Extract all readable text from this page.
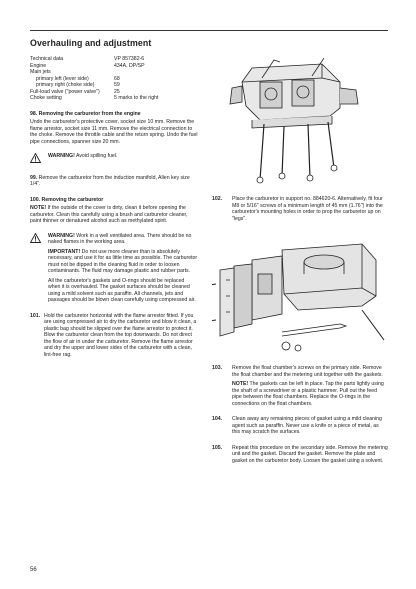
Overhauling and adjustment
Technical data	VP 857382-6
Engine	434A, DP/SP
Main jets
primary left (lever side)	68
primary right (choke side)	59
Full-load valve ("power valve")	25
Choke setting	5 marks to the right
98. Removing the carburetor from the engine
Undo the carburetor's protective cover, socket size 10 mm. Remove the flame arrestor, socket size 11 mm. Remove the electrical connection to the choke. Remove the throttle cable and the return spring. Undo the fuel pipe connections, spanner size 20 mm.
WARNING! Avoid spilling fuel.
99. Remove the carburetor from the induction manifold, Allen key size 1/4".
100. Removing the carburetor
NOTE! If the outside of the cover is dirty, clean it before opening the carburetor. Clean this carefully using a brush and carburetor cleaner, paint thinner or denatured alcohol such as methylated spirit.
WARNING! Work in a well ventilated area. There should be no naked flames in the working area.
IMPORTANT! Do not use more cleaner than is absolutely necessary, and use it for as little time as possible. The carburetor must not be dipped in the cleaning fluid in order to loosen contaminants. The fluid may damage plastic and rubber parts.
All the carburetor's gaskets and O-rings should be replaced when it is overhauled. The gasket surfaces should be cleaned using a mild solvent such as paraffin. All channels, jets and passages should be blown clean carefully using compressed air.
101. Hold the carburetor horizontal with the flame arrestor fitted. If you are using compressed air to dry the carburetor and blow it clean, a plastic bag should be slipped over the flame arrestor to protect it. Blow the carburetor clean from the top downwards. Do not direct the flow of air in under the carburetor. Remove the flame arrestor and dry the upper and lower sides of the carburetor with a clean, lint-free rag.
102.	Place the carburetor in support no. 884620-6. Alternatively, fit four M8 or 5/16" screws of a minimum length of 45 mm (1.76") into the carburetor's mounting holes in order to prop the carburetor up on "legs".
103.	Remove the float chamber's screws on the primary side. Remove the float chamber and the metering unit together with the gaskets.
NOTE! The gaskets can be left in place. Tap the parts lightly using the shaft of a screwdriver or a plastic hammer. Pull out the feed pipe between the float chambers. Replace the O-rings in the connections on the float chambers.
104.	Clean away any remaining pieces of gasket using a mild cleaning agent such as paraffin. Never use a knife or a piece of metal, as this may scratch the surfaces.
105.	Repeat this procedure on the secondary side. Remove the metering unit and the gasket. Discard the gasket. Remove the plate and gasket on the carburetor body. Loosen the gasket using a solvent.
56
